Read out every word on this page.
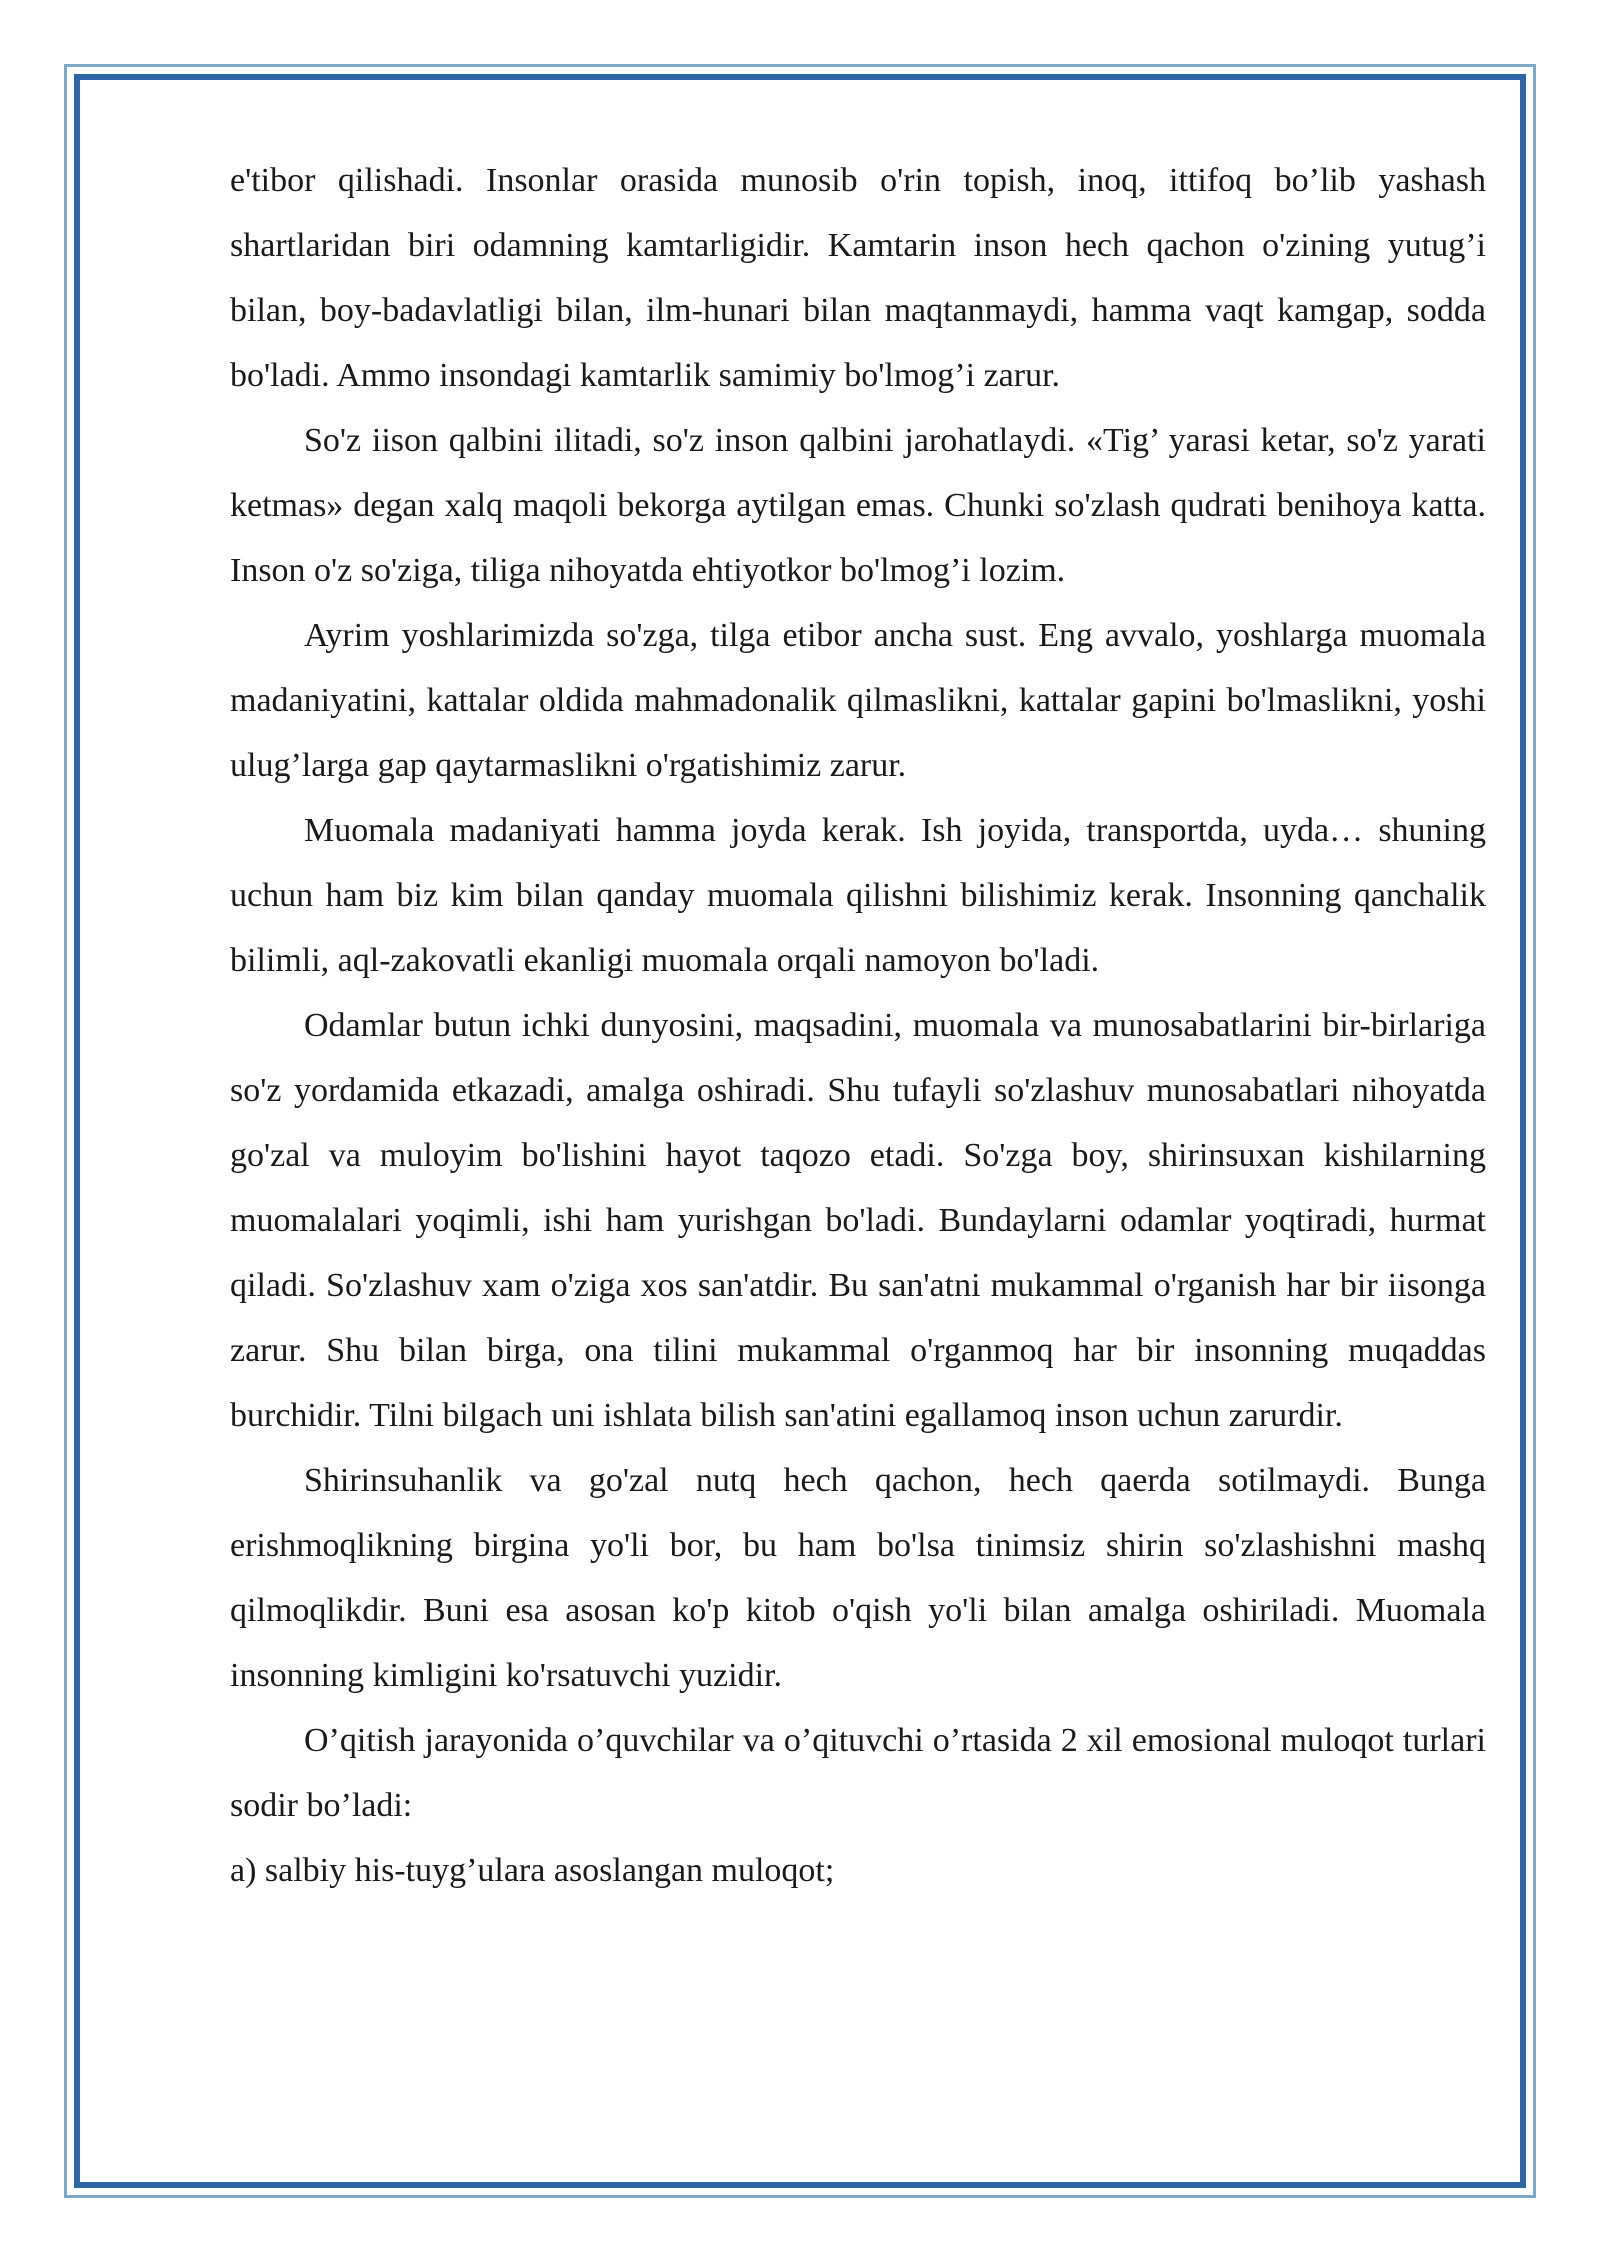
e'tibor qilishadi. Insonlar orasida munosib o'rin topish, inoq, ittifoq bo’lib yashash shartlaridan biri odamning kamtarligidir. Kamtarin inson hech qachon o'zining yutug’i bilan, boy-badavlatligi bilan, ilm-hunari bilan maqtanmaydi, hamma vaqt kamgap, sodda bo'ladi. Ammo insondagi kamtarlik samimiy bo'lmog’i zarur.

So'z iison qalbini ilitadi, so'z inson qalbini jarohatlaydi. «Tig’ yarasi ketar, so'z yarati ketmas» degan xalq maqoli bekorga aytilgan emas. Chunki so'zlash qudrati benihoya katta. Inson o'z so'ziga, tiliga nihoyatda ehtiyotkor bo'lmog’i lozim.

Ayrim yoshlarimizda so'zga, tilga etibor ancha sust. Eng avvalo, yoshlarga muomala madaniyatini, kattalar oldida mahmadonalik qilmaslikni, kattalar gapini bo'lmaslikni, yoshi ulug’larga gap qaytarmaslikni o'rgatishimiz zarur.

Muomala madaniyati hamma joyda kerak. Ish joyida, transportda, uyda… shuning uchun ham biz kim bilan qanday muomala qilishni bilishimiz kerak. Insonning qanchalik bilimli, aql-zakovatli ekanligi muomala orqali namoyon bo'ladi.

Odamlar butun ichki dunyosini, maqsadini, muomala va munosabatlarini bir-birlariga so'z yordamida etkazadi, amalga oshiradi. Shu tufayli so'zlashuv munosabatlari nihoyatda go'zal va muloyim bo'lishini hayot taqozo etadi. So'zga boy, shirinsuxan kishilarning muomalalari yoqimli, ishi ham yurishgan bo'ladi. Bundaylarni odamlar yoqtiradi, hurmat qiladi. So'zlashuv xam o'ziga xos san'atdir. Bu san'atni mukammal o'rganish har bir iisonga zarur. Shu bilan birga, ona tilini mukammal o'rganmoq har bir insonning muqaddas burchidir. Tilni bilgach uni ishlata bilish san'atini egallamoq inson uchun zarurdir.

Shirinsuhanlik va go'zal nutq hech qachon, hech qaerda sotilmaydi. Bunga erishmoqlikning birgina yo'li bor, bu ham bo'lsa tinimsiz shirin so'zlashishni mashq qilmoqlikdir. Buni esa asosan ko'p kitob o'qish yo'li bilan amalga oshiriladi. Muomala insonning kimligini ko'rsatuvchi yuzidir.

O’qitish jarayonida o’quvchilar va o’qituvchi o’rtasida 2 xil emosional muloqot turlari sodir bo’ladi:

a) salbiy his-tuyg’ulara asoslangan muloqot;
